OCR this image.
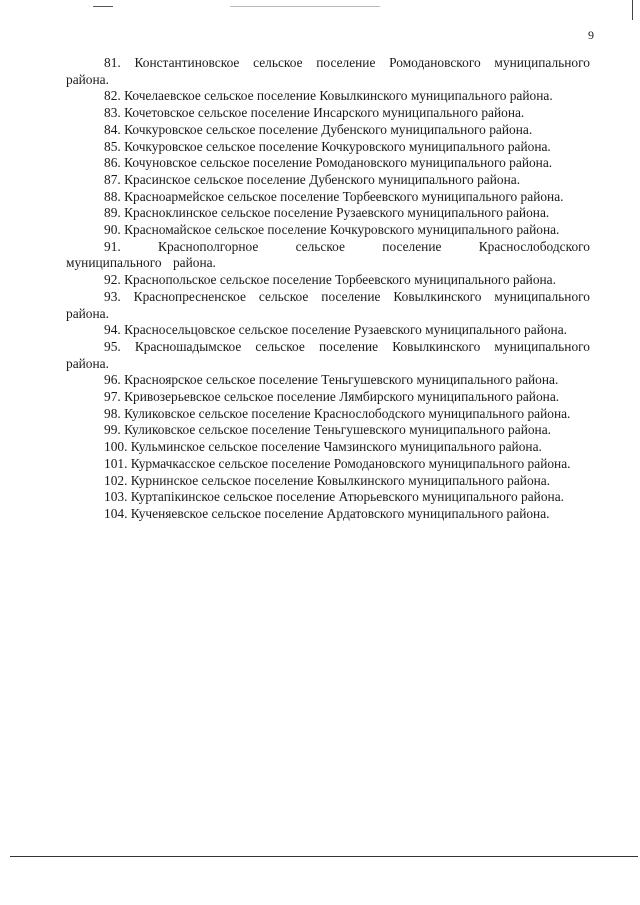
9
81. Константиновское сельское поселение Ромодановского муниципального района.
82. Кочелаевское сельское поселение Ковылкинского муниципального района.
83. Кочетовское сельское поселение Инсарского муниципального района.
84. Кочкуровское сельское поселение Дубенского муниципального района.
85. Кочкуровское сельское поселение Кочкуровского муниципального района.
86. Кочуновское сельское поселение Ромодановского муниципального района.
87. Красинское сельское поселение Дубенского муниципального района.
88. Красноармейское сельское поселение Торбеевского муниципального района.
89. Красноклинское сельское поселение Рузаевского муниципального района.
90. Красномайское сельское поселение Кочкуровского муниципального района.
91. Краснополгорное сельское поселение Краснослободского муниципального района.
92. Краснопольское сельское поселение Торбеевского муниципального района.
93. Краснопресненское сельское поселение Ковылкинского муниципального района.
94. Красносельцовское сельское поселение Рузаевского муниципального района.
95. Красношадымское сельское поселение Ковылкинского муниципального района.
96. Красноярское сельское поселение Теньгушевского муниципального района.
97. Кривозерьевское сельское поселение Лямбирского муниципального района.
98. Куликовское сельское поселение Краснослободского муниципального района.
99. Куликовское сельское поселение Теньгушевского муниципального района.
100. Кульминское сельское поселение Чамзинского муниципального района.
101. Курмачкасское сельское поселение Ромодановского муниципального района.
102. Курнинское сельское поселение Ковылкинского муниципального района.
103. Куртапікинское сельское поселение Атюрьевского муниципального района.
104. Кученяевское сельское поселение Ардатовского муниципального района.
